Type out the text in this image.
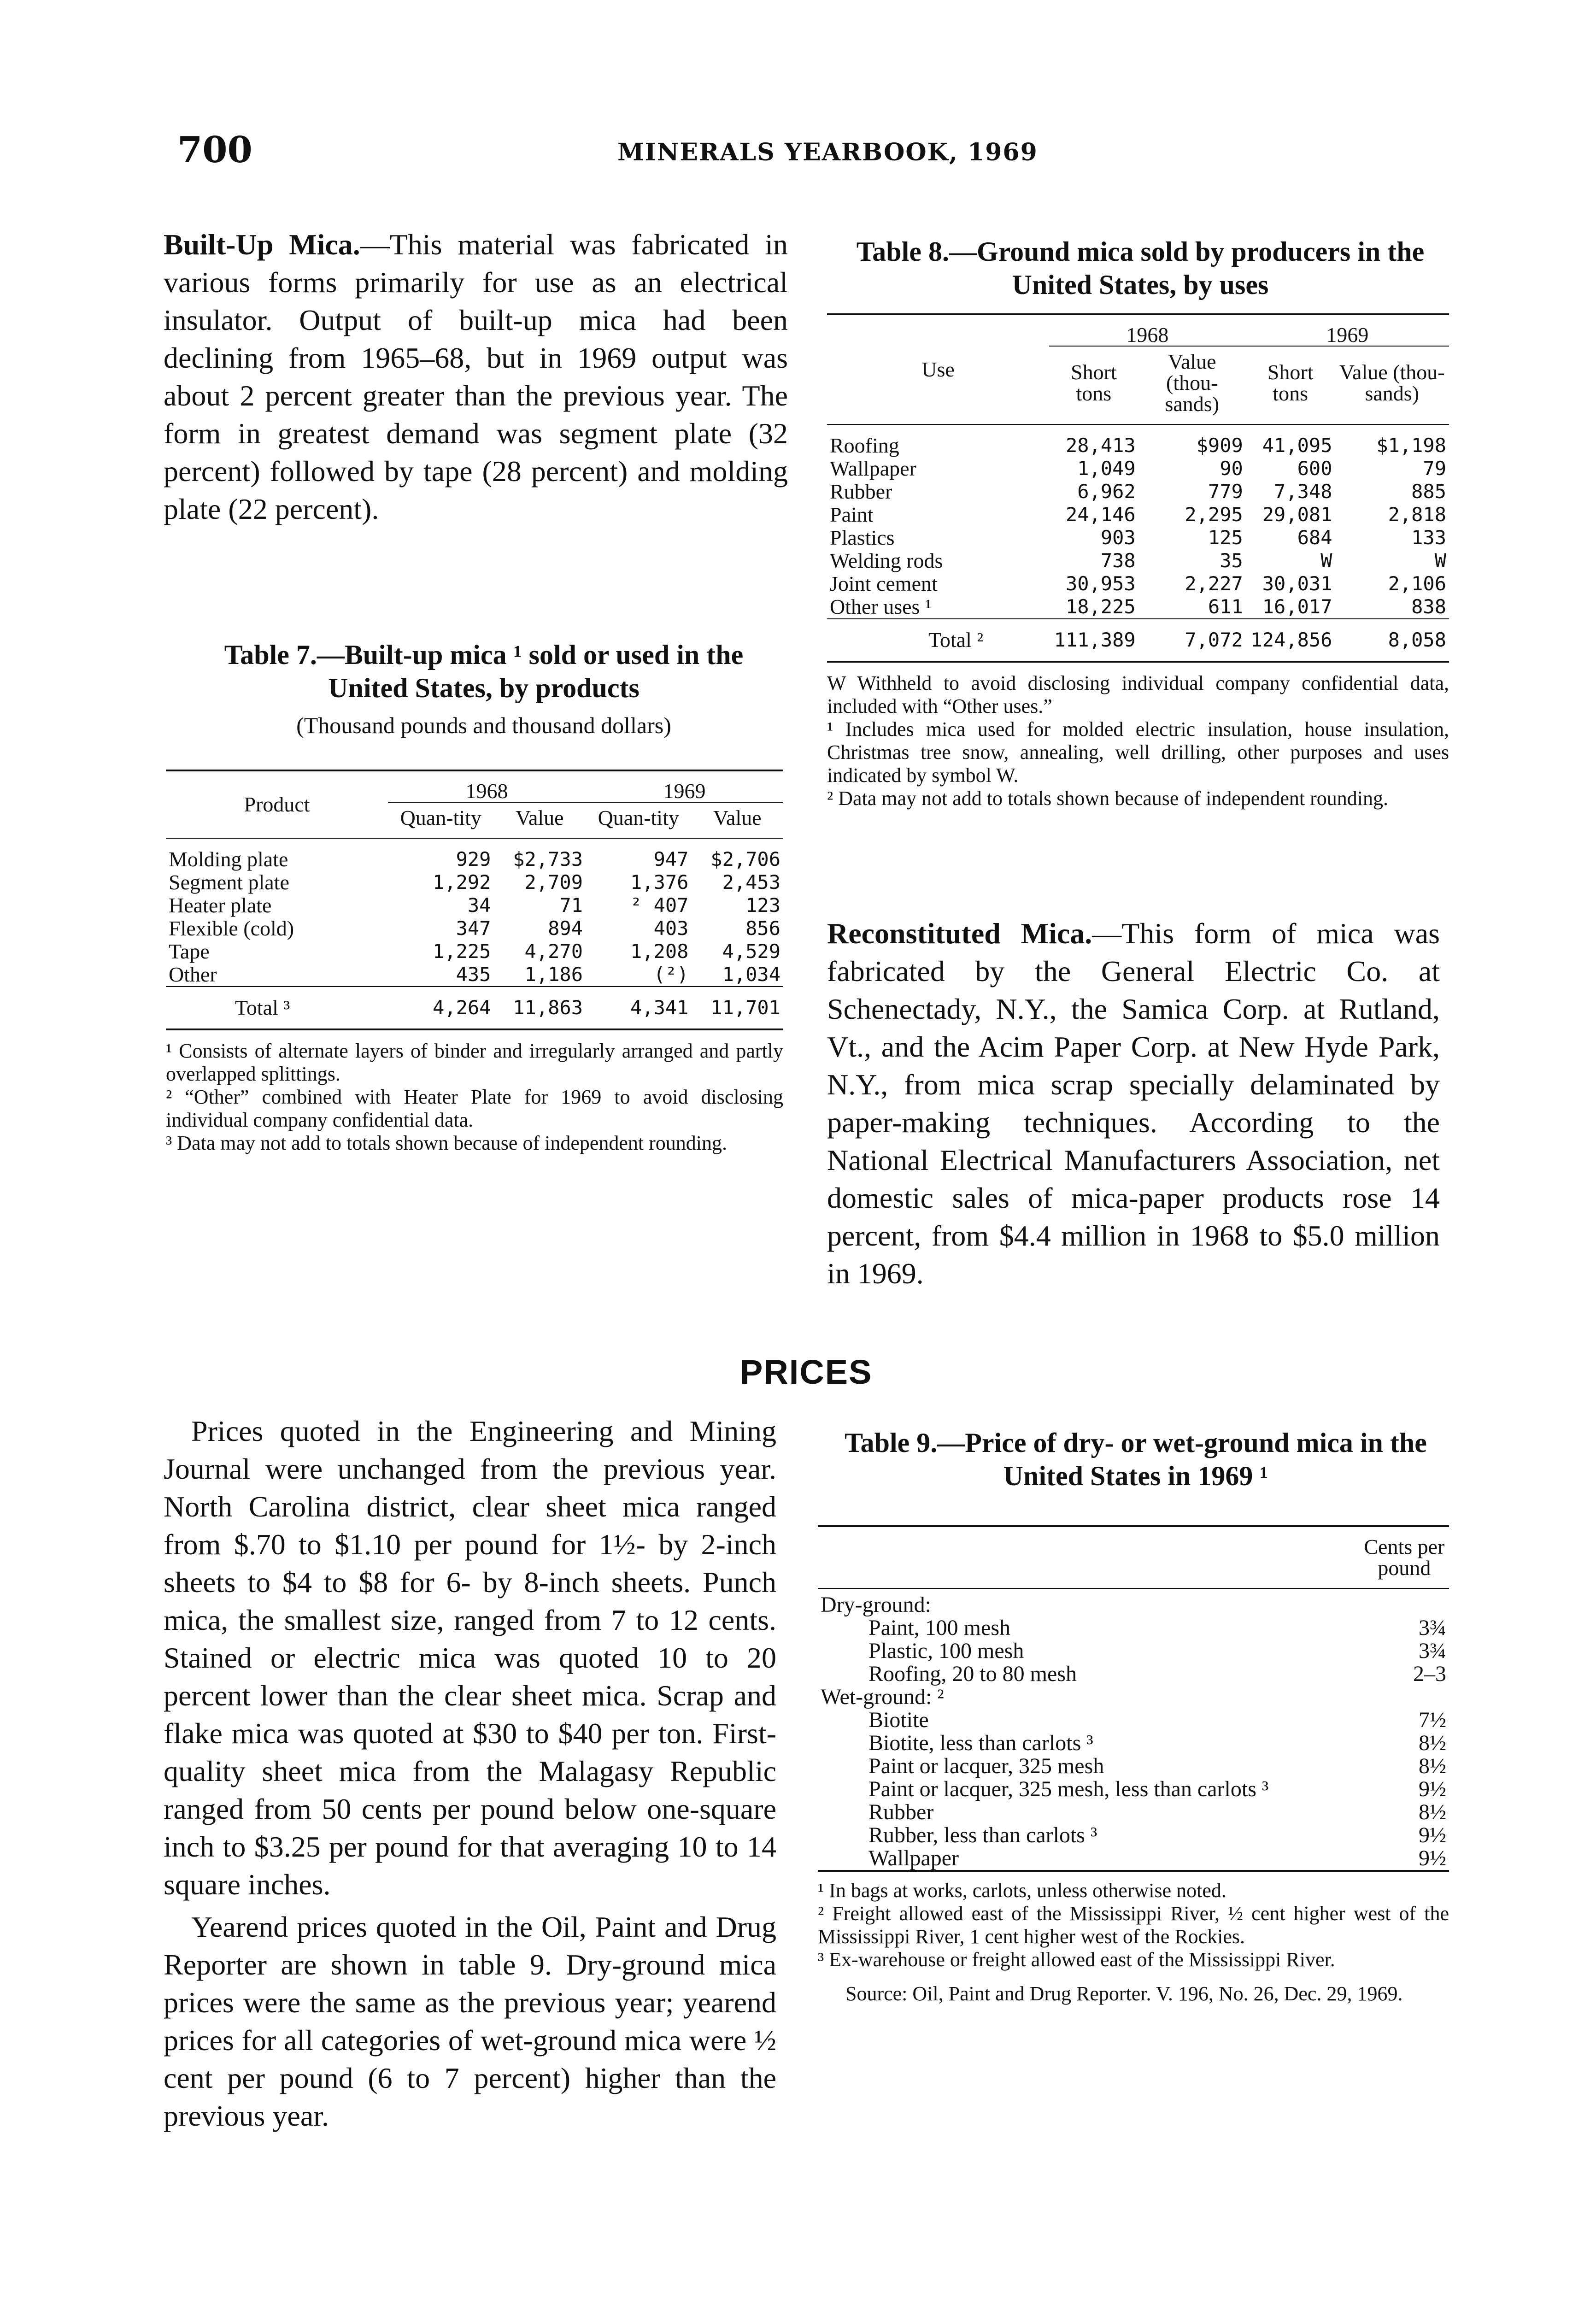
700	MINERALS YEARBOOK, 1969
Built-Up Mica.—This material was fabricated in various forms primarily for use as an electrical insulator. Output of built-up mica had been declining from 1965–68, but in 1969 output was about 2 percent greater than the previous year. The form in greatest demand was segment plate (32 percent) followed by tape (28 percent) and molding plate (22 percent).
Table 7.—Built-up mica ¹ sold or used in the United States, by products
(Thousand pounds and thousand dollars)
Product	1968		1969	
	Quan-tity	Value	Quan-tity	Value
Molding plate	929	$2,733	947	$2,706
Segment plate	1,292	2,709	1,376	2,453
Heater plate	34	71	² 407	123
Flexible (cold)	347	894	403	856
Tape	1,225	4,270	1,208	4,529
Other	435	1,186	(²)	1,034
Total ³	4,264	11,863	4,341	11,701

¹ Consists of alternate layers of binder and irregularly arranged and partly overlapped splittings.
² “Other” combined with Heater Plate for 1969 to avoid disclosing individual company confidential data.
³ Data may not add to totals shown because of independent rounding.
Table 8.—Ground mica sold by producers in the United States, by uses
Use	1968		1969	
	Short tons	Value (thou-sands)	Short tons	Value (thou-sands)
Roofing	28,413	$909	41,095	$1,198
Wallpaper	1,049	90	600	79
Rubber	6,962	779	7,348	885
Paint	24,146	2,295	29,081	2,818
Plastics	903	125	684	133
Welding rods	738	35	W	W
Joint cement	30,953	2,227	30,031	2,106
Other uses ¹	18,225	611	16,017	838
Total ²	111,389	7,072	124,856	8,058

W Withheld to avoid disclosing individual company confidential data, included with “Other uses.”
¹ Includes mica used for molded electric insulation, house insulation, Christmas tree snow, annealing, well drilling, other purposes and uses indicated by symbol W.
² Data may not add to totals shown because of independent rounding.
Reconstituted Mica.—This form of mica was fabricated by the General Electric Co. at Schenectady, N.Y., the Samica Corp. at Rutland, Vt., and the Acim Paper Corp. at New Hyde Park, N.Y., from mica scrap specially delaminated by paper-making techniques. According to the National Electrical Manufacturers Association, net domestic sales of mica-paper products rose 14 percent, from $4.4 million in 1968 to $5.0 million in 1969.
PRICES
Prices quoted in the Engineering and Mining Journal were unchanged from the previous year. North Carolina district, clear sheet mica ranged from $.70 to $1.10 per pound for 1½- by 2-inch sheets to $4 to $8 for 6- by 8-inch sheets. Punch mica, the smallest size, ranged from 7 to 12 cents. Stained or electric mica was quoted 10 to 20 percent lower than the clear sheet mica. Scrap and flake mica was quoted at $30 to $40 per ton. First-quality sheet mica from the Malagasy Republic ranged from 50 cents per pound below one-square inch to $3.25 per pound for that averaging 10 to 14 square inches.
Yearend prices quoted in the Oil, Paint and Drug Reporter are shown in table 9. Dry-ground mica prices were the same as the previous year; yearend prices for all categories of wet-ground mica were ½ cent per pound (6 to 7 percent) higher than the previous year.
Table 9.—Price of dry- or wet-ground mica in the United States in 1969 ¹
	Cents per pound
Dry-ground:	
Paint, 100 mesh	3¾
Plastic, 100 mesh	3¾
Roofing, 20 to 80 mesh	2–3
Wet-ground: ²	
Biotite	7½
Biotite, less than carlots ³	8½
Paint or lacquer, 325 mesh	8½
Paint or lacquer, 325 mesh, less than carlots ³	9½
Rubber	8½
Rubber, less than carlots ³	9½
Wallpaper	9½

¹ In bags at works, carlots, unless otherwise noted.
² Freight allowed east of the Mississippi River, ½ cent higher west of the Mississippi River, 1 cent higher west of the Rockies.
³ Ex-warehouse or freight allowed east of the Mississippi River.
Source: Oil, Paint and Drug Reporter. V. 196, No. 26, Dec. 29, 1969.
